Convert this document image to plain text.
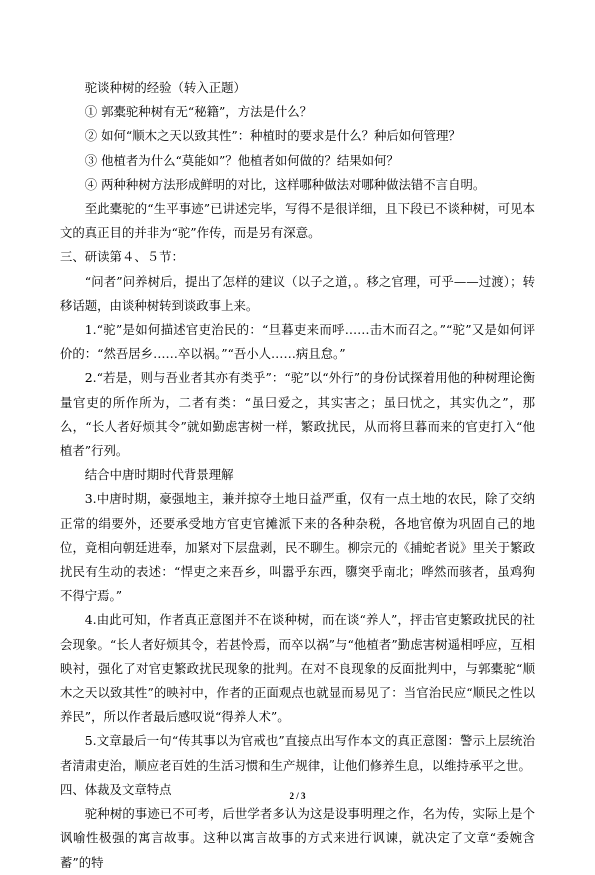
驼谈种树的经验（转入正题）

① 郭橐驼种树有无“秘籍”，方法是什么？

② 如何“顺木之天以致其性”：种植时的要求是什么？种后如何管理？

③ 他植者为什么“莫能如”？他植者如何做的？结果如何？

④ 两种种树方法形成鲜明的对比，这样哪种做法对哪种做法错不言自明。

至此橐驼的“生平事迹”已讲述完毕，写得不是很详细，且下段已不谈种树，可见本文的真正目的并非为“驼”作传，而是另有深意。

三、研读第４、５节：

“问者”问养树后，提出了怎样的建议（以子之道，。移之官理，可乎——过渡）；转移话题，由谈种树转到谈政事上来。

1.“驼”是如何描述官吏治民的：“旦暮吏来而呼……击木而召之。”“驼”又是如何评价的：“然吾居乡……卒以祸。”“吾小人……病且怠。”

2.“若是，则与吾业者其亦有类乎”：“驼”以“外行”的身份试探着用他的种树理论衡量官吏的所作所为，二者有类：“虽曰爱之，其实害之；虽曰忧之，其实仇之”，那么，“长人者好烦其令”就如勤虑害树一样，繁政扰民，从而将旦暮而来的官吏打入“他植者”行列。

结合中唐时期时代背景理解

3.中唐时期，豪强地主，兼并掠夺土地日益严重，仅有一点土地的农民，除了交纳正常的绢要外，还要承受地方官吏官摊派下来的各种杂税，各地官僚为巩固自己的地位，竟相向朝廷进奉，加紧对下层盘剥，民不聊生。柳宗元的《捕蛇者说》里关于繁政扰民有生动的表述：“悍吏之来吾乡，叫嚣乎东西，隳突乎南北；哗然而骇者，虽鸡狗不得宁焉。”

4.由此可知，作者真正意图并不在谈种树，而在谈“养人”，抨击官吏繁政扰民的社会现象。“长人者好烦其令，若甚怜焉，而卒以祸”与“他植者”勤虑害树遥相呼应，互相映衬，强化了对官吏繁政扰民现象的批判。在对不良现象的反面批判中，与郭橐驼“顺木之天以致其性”的映衬中，作者的正面观点也就显而易见了：当官治民应“顺民之性以养民”，所以作者最后感叹说“得养人术”。

5.文章最后一句“传其事以为官戒也”直接点出写作本文的真正意图：警示上层统治者清肃吏治，顺应老百姓的生活习惯和生产规律，让他们修养生息，以维持承平之世。

四、体裁及文章特点

驼种树的事迹已不可考，后世学者多认为这是设事明理之作，名为传，实际上是个讽喻性极强的寓言故事。这种以寓言故事的方式来进行讽谏，就决定了文章“委婉含蓄”的特

2 / 3
